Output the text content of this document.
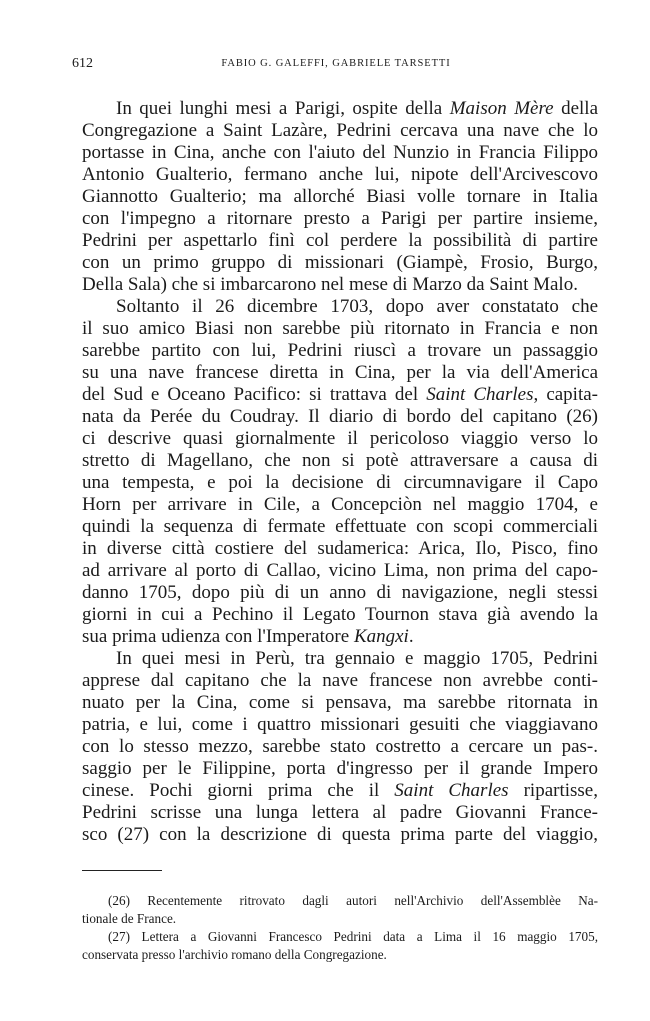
612	FABIO G. GALEFFI, GABRIELE TARSETTI
In quei lunghi mesi a Parigi, ospite della Maison Mère della
Congregazione a Saint Lazàre, Pedrini cercava una nave che lo
portasse in Cina, anche con l'aiuto del Nunzio in Francia Filippo
Antonio Gualterio, fermano anche lui, nipote dell'Arcivescovo
Giannotto Gualterio; ma allorché Biasi volle tornare in Italia
con l'impegno a ritornare presto a Parigi per partire insieme,
Pedrini per aspettarlo finì col perdere la possibilità di partire
con un primo gruppo di missionari (Giampè, Frosio, Burgo,
Della Sala) che si imbarcarono nel mese di Marzo da Saint Malo.
Soltanto il 26 dicembre 1703, dopo aver constatato che
il suo amico Biasi non sarebbe più ritornato in Francia e non
sarebbe partito con lui, Pedrini riuscì a trovare un passaggio
su una nave francese diretta in Cina, per la via dell'America
del Sud e Oceano Pacifico: si trattava del Saint Charles, capita-
nata da Perée du Coudray. Il diario di bordo del capitano (26)
ci descrive quasi giornalmente il pericoloso viaggio verso lo
stretto di Magellano, che non si potè attraversare a causa di
una tempesta, e poi la decisione di circumnavigare il Capo
Horn per arrivare in Cile, a Concepciòn nel maggio 1704, e
quindi la sequenza di fermate effettuate con scopi commerciali
in diverse città costiere del sudamerica: Arica, Ilo, Pisco, fino
ad arrivare al porto di Callao, vicino Lima, non prima del capo-
danno 1705, dopo più di un anno di navigazione, negli stessi
giorni in cui a Pechino il Legato Tournon stava già avendo la
sua prima udienza con l'Imperatore Kangxi.
In quei mesi in Perù, tra gennaio e maggio 1705, Pedrini
apprese dal capitano che la nave francese non avrebbe conti-
nuato per la Cina, come si pensava, ma sarebbe ritornata in
patria, e lui, come i quattro missionari gesuiti che viaggiavano
con lo stesso mezzo, sarebbe stato costretto a cercare un pas-.
saggio per le Filippine, porta d'ingresso per il grande Impero
cinese. Pochi giorni prima che il Saint Charles ripartisse,
Pedrini scrisse una lunga lettera al padre Giovanni France-
sco (27) con la descrizione di questa prima parte del viaggio,
(26) Recentemente ritrovato dagli autori nell'Archivio dell'Assemblèe Na-
tionale de France.
(27) Lettera a Giovanni Francesco Pedrini data a Lima il 16 maggio 1705,
conservata presso l'archivio romano della Congregazione.
